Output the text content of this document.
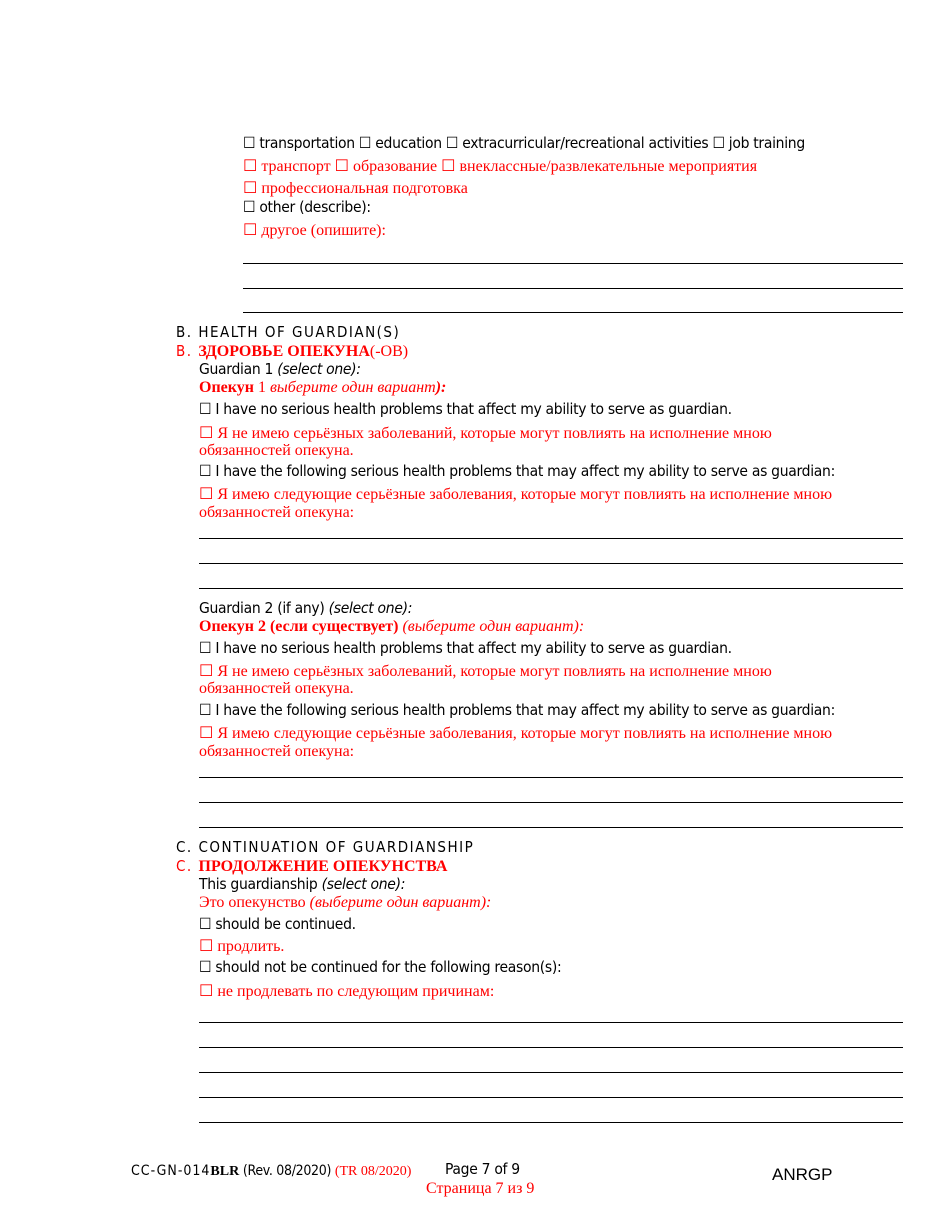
☐ transportation ☐ education ☐ extracurricular/recreational activities ☐ job training
☐ транспорт ☐ образование ☐ внеклассные/развлекательные мероприятия
☐ профессиональная подготовка
☐ other (describe):
☐ другое (опишите):
B. HEALTH OF GUARDIAN(S)
B. ЗДОРОВЬЕ ОПЕКУНА(-ОВ)
Guardian 1 (select one):
Опекун 1 выберите один вариант):
☐ I have no serious health problems that affect my ability to serve as guardian.
☐ Я не имею серьёзных заболеваний, которые могут повлиять на исполнение мною
обязанностей опекуна.
☐ I have the following serious health problems that may affect my ability to serve as guardian:
☐ Я имею следующие серьёзные заболевания, которые могут повлиять на исполнение мною
обязанностей опекуна:
Guardian 2 (if any) (select one):
Опекун 2 (если существует) (выберите один вариант):
☐ I have no serious health problems that affect my ability to serve as guardian.
☐ Я не имею серьёзных заболеваний, которые могут повлиять на исполнение мною
обязанностей опекуна.
☐ I have the following serious health problems that may affect my ability to serve as guardian:
☐ Я имею следующие серьёзные заболевания, которые могут повлиять на исполнение мною
обязанностей опекуна:
C. CONTINUATION OF GUARDIANSHIP
C. ПРОДОЛЖЕНИЕ ОПЕКУНСТВА
This guardianship (select one):
Это опекунство (выберите один вариант):
☐ should be continued.
☐ продлить.
☐ should not be continued for the following reason(s):
☐ не продлевать по следующим причинам:
CC-GN-014BLR (Rev. 08/2020) (TR 08/2020) Page 7 of 9
Страница 7 из 9
ANRGP
